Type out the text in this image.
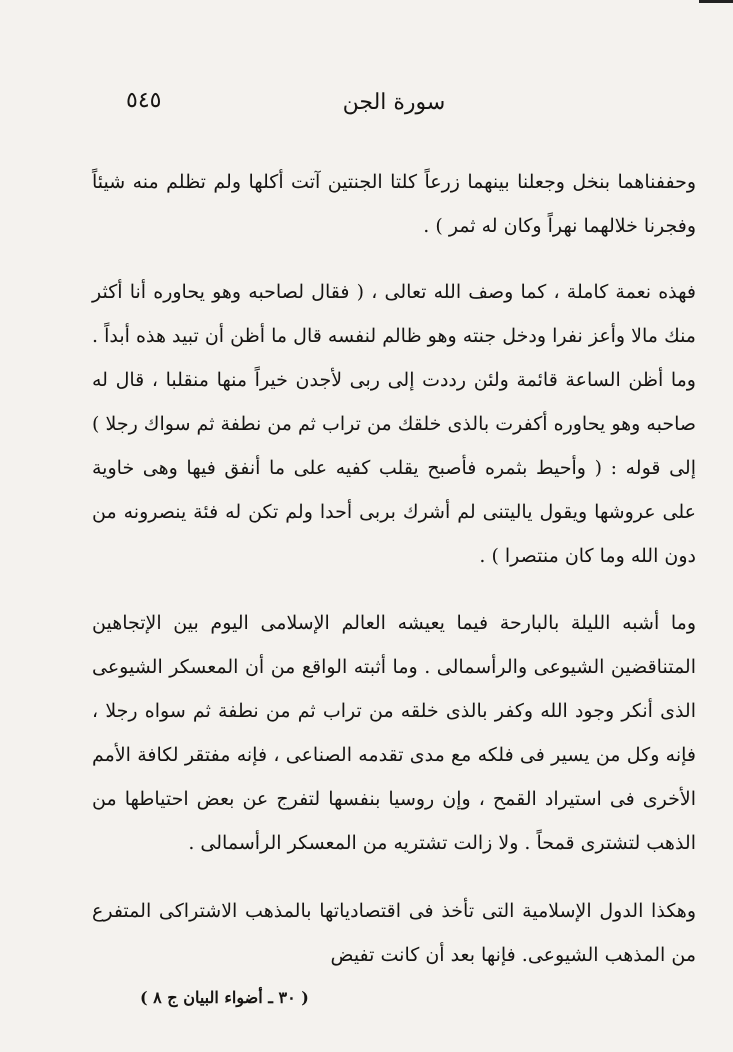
سورة الجن
٥٤٥

وحففناهما بنخل وجعلنا بينهما زرعاً كلتا الجنتين آتت أكلها ولم تظلم منه شيئاً وفجرنا خلالهما نهراً وكان له ثمر ) .

فهذه نعمة كاملة ، كما وصف الله تعالى ، ( فقال لصاحبه وهو يحاوره أنا أكثر منك مالا وأعز نفرا ودخل جنته وهو ظالم لنفسه قال ما أظن أن تبيد هذه أبداً . وما أظن الساعة قائمة ولئن رددت إلى ربى لأجدن خيراً منها منقلبا ، قال له صاحبه وهو يحاوره أكفرت بالذى خلقك من تراب ثم من نطفة ثم سواك رجلا ) إلى قوله : ( وأحيط بثمره فأصبح يقلب كفيه على ما أنفق فيها وهى خاوية على عروشها ويقول ياليتنى لم أشرك بربى أحدا ولم تكن له فئة ينصرونه من دون الله وما كان منتصرا ) .

وما أشبه الليلة بالبارحة فيما يعيشه العالم الإسلامى اليوم بين الإتجاهين المتناقضين الشيوعى والرأسمالى . وما أثبته الواقع من أن المعسكر الشيوعى الذى أنكر وجود الله وكفر بالذى خلقه من تراب ثم من نطفة ثم سواه رجلا ، فإنه وكل من يسير فى فلكه مع مدى تقدمه الصناعى ، فإنه مفتقر لكافة الأمم الأخرى فى استيراد القمح ، وإن روسيا بنفسها لتفرج عن بعض احتياطها من الذهب لتشترى قمحاً . ولا زالت تشتريه من المعسكر الرأسمالى .

وهكذا الدول الإسلامية التى تأخذ فى اقتصادياتها بالمذهب الاشتراكى المتفرع من المذهب الشيوعى. فإنها بعد أن كانت تفيض

( ٣٠ ـ أضواء البيان ج ٨ )
